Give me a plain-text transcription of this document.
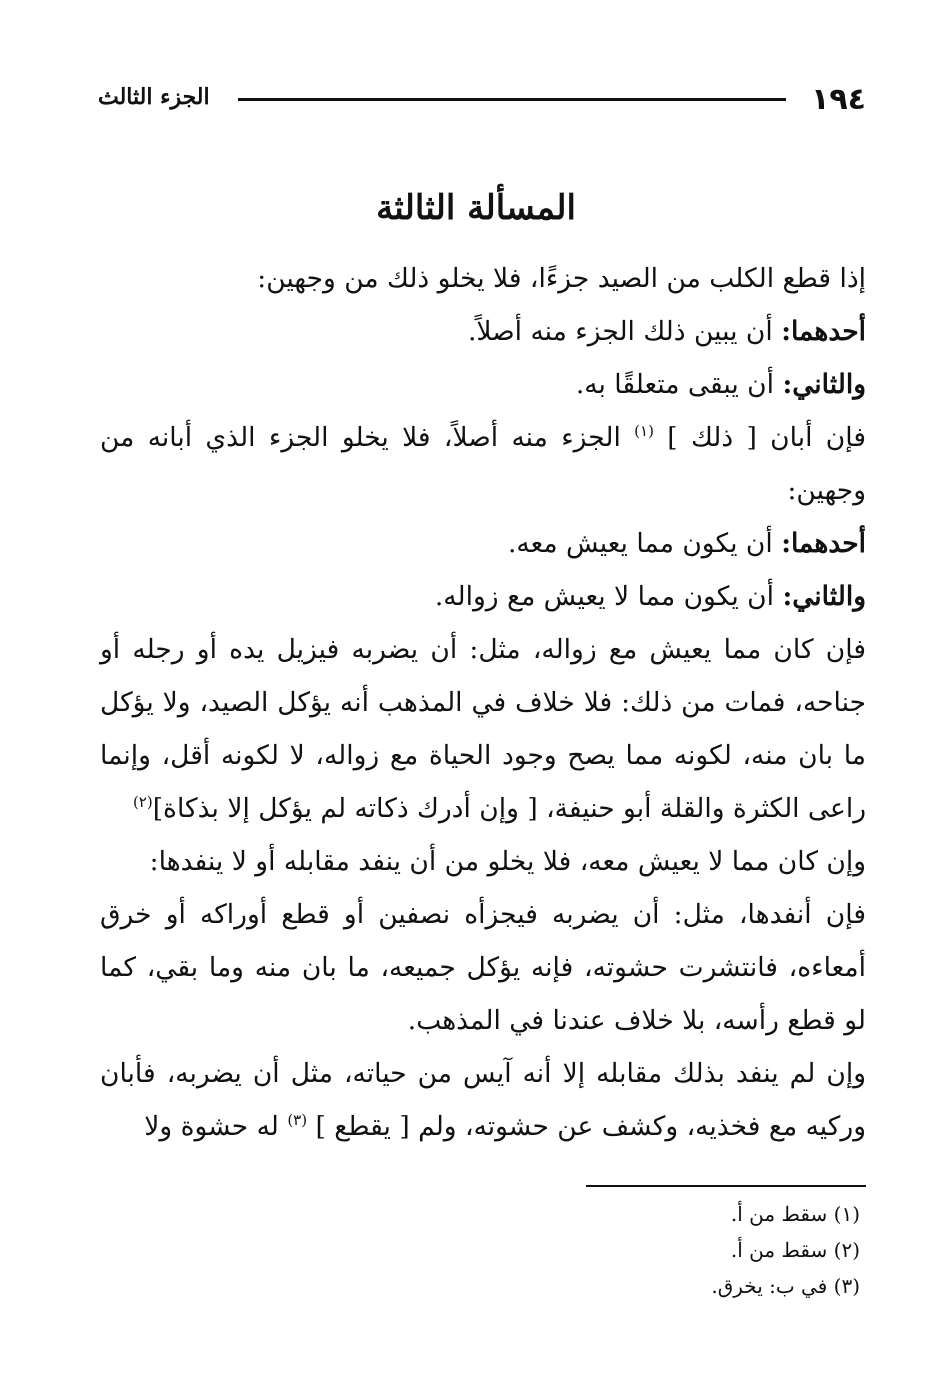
١٩٤
الجزء الثالث
المسألة الثالثة

إذا قطع الكلب من الصيد جزءًا، فلا يخلو ذلك من وجهين:

أحدهما: أن يبين ذلك الجزء منه أصلاً.

والثاني: أن يبقى متعلقًا به.

فإن أبان [ ذلك ] $^{(١)}$ الجزء منه أصلاً، فلا يخلو الجزء الذي أبانه من وجهين:

أحدهما: أن يكون مما يعيش معه.

والثاني: أن يكون مما لا يعيش مع زواله.

فإن كان مما يعيش مع زواله، مثل: أن يضربه فيزيل يده أو رجله أو جناحه، فمات من ذلك: فلا خلاف في المذهب أنه يؤكل الصيد، ولا يؤكل ما بان منه، لكونه مما يصح وجود الحياة مع زواله، لا لكونه أقل، وإنما راعى الكثرة والقلة أبو حنيفة، [ وإن أدرك ذكاته لم يؤكل إلا بذكاة]$^{(٢)}$

وإن كان مما لا يعيش معه، فلا يخلو من أن ينفد مقابله أو لا ينفدها:

فإن أنفدها، مثل: أن يضربه فيجزأه نصفين أو قطع أوراكه أو خرق أمعاءه، فانتشرت حشوته، فإنه يؤكل جميعه، ما بان منه وما بقي، كما لو قطع رأسه، بلا خلاف عندنا في المذهب.

وإن لم ينفد بذلك مقابله إلا أنه آيس من حياته، مثل أن يضربه، فأبان وركيه مع فخذيه، وكشف عن حشوته، ولم [ يقطع ] $^{(٣)}$ له حشوة ولا

(١) سقط من أ.
(٢) سقط من أ.
(٣) في ب: يخرق.
